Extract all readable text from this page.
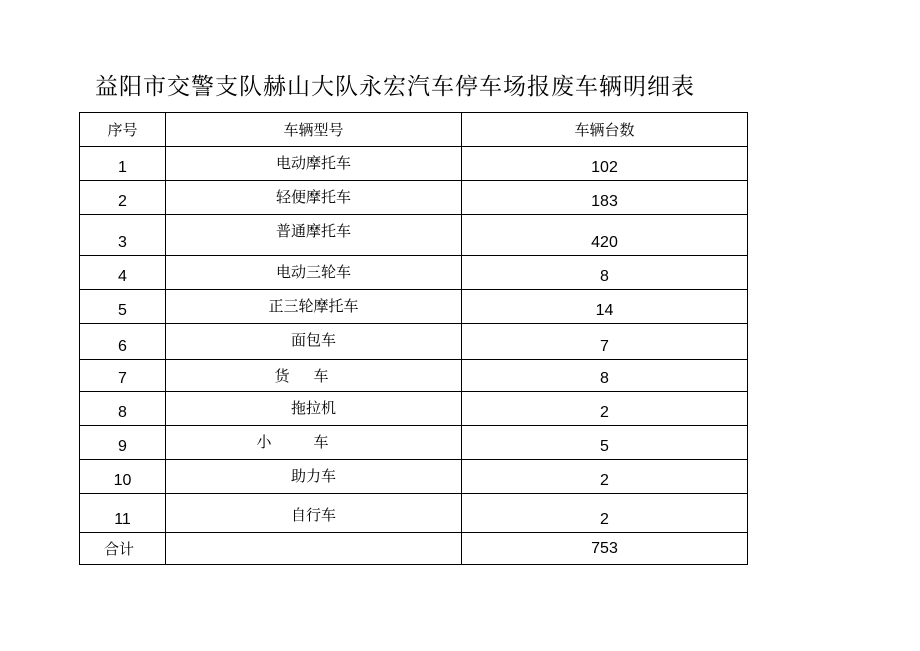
益阳市交警支队赫山大队永宏汽车停车场报废车辆明细表
序号	车辆型号	车辆台数
1	电动摩托车	102
2	轻便摩托车	183
3	普通摩托车	420
4	电动三轮车	8
5	正三轮摩托车	14
6	面包车	7
7	货车	8
8	拖拉机	2
9	小车	5
10	助力车	2
11	自行车	2
合计		753
